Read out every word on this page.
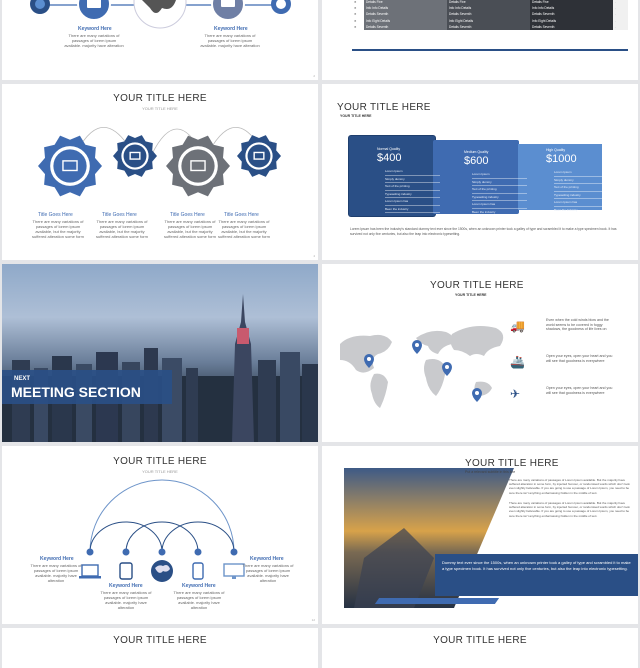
Keyword Here
There are many variations of passages of lorem ipsum available. majority have alteration
Keyword Here
There are many variations of passages of lorem ipsum available. majority have alteration
2
✕	Details Five	Details Five	Details Five	-
✕	Info Info Details	Info Info Details	Info Info Details	-
✕	Details Seventh	Details Seventh	Details Seventh	-
✕	Info Eight Details	Info Eight Details	Info Eight Details	-
✕	Details Seventh	Details Seventh	Details Seventh	-
YOUR TITLE HERE
YOUR TITLE HERE
Title Goes Here
There are many variations of passages of lorem ipsum available, but the majority suffered alteration some form
Title Goes Here
There are many variations of passages of lorem ipsum available, but the majority suffered alteration some form
Title Goes Here
There are many variations of passages of lorem ipsum available, but the majority suffered alteration some form
Title Goes Here
There are many variations of passages of lorem ipsum available, but the majority suffered alteration some form
4
YOUR TITLE HERE
YOUR TITLE HERE
Normal Quality
$400
Lorem Ipsum
Simply dummy
Text of the printing
Typesetting industry
Lorem Ipsum has
Been the industry
Medium Quality
$600
Lorem Ipsum
Simply dummy
Text of the printing
Typesetting industry
Lorem Ipsum has
Been the industry
High Quality
$1000
Lorem Ipsum
Simply dummy
Text of the printing
Typesetting industry
Lorem Ipsum has
Been the industry
Lorem Ipsum has been the industry's standard dummy text ever since the 1500s, when an unknown printer took a galley of type and scrambled it to make a type specimen book. It has survived not only five centuries, but also the leap into electronic typesetting.
NEXT
MEETING SECTION
YOUR TITLE HERE
YOUR TITLE HERE
🚚	Even when the cold winds blow and the world seems to be covered in foggy shadows, the goodness of life lives on
🚢	Open your eyes, open your heart and you will see that goodness is everywhere
✈	Open your eyes, open your heart and you will see that goodness is everywhere
YOUR TITLE HERE
YOUR TITLE HERE
Keyword Here
There are many variations of passages of lorem ipsum available. majority have alteration
Keyword Here
There are many variations of passages of lorem ipsum available. majority have alteration
Keyword Here
There are many variations of passages of lorem ipsum available. majority have alteration
Keyword Here
There are many variations of passages of lorem ipsum available. majority have alteration
12
YOUR TITLE HERE
Put a relevant subtitle in this line
There are many variations of passages of Lorem Ipsum available. But the majority have suffered alteration in some form, by injected humour, or randomised words which don't look even slightly believable. If you are going to use a passage of Lorem Ipsum, you need to be sure there isn't anything embarrassing hidden in the middle of text.
There are many variations of passages of Lorem Ipsum available. But the majority have suffered alteration in some form, by injected humour, or randomised words which don't look even slightly believable. If you are going to use a passage of Lorem Ipsum, you need to be sure there isn't anything embarrassing hidden in the middle of text.
Dummy text ever since the 1500s, when an unknown printer took a galley of type and scrambled it to make a type specimen book. It has survived not only five centuries, but also the leap into electronic typesetting.
YOUR TITLE HERE	YOUR TITLE HERE
